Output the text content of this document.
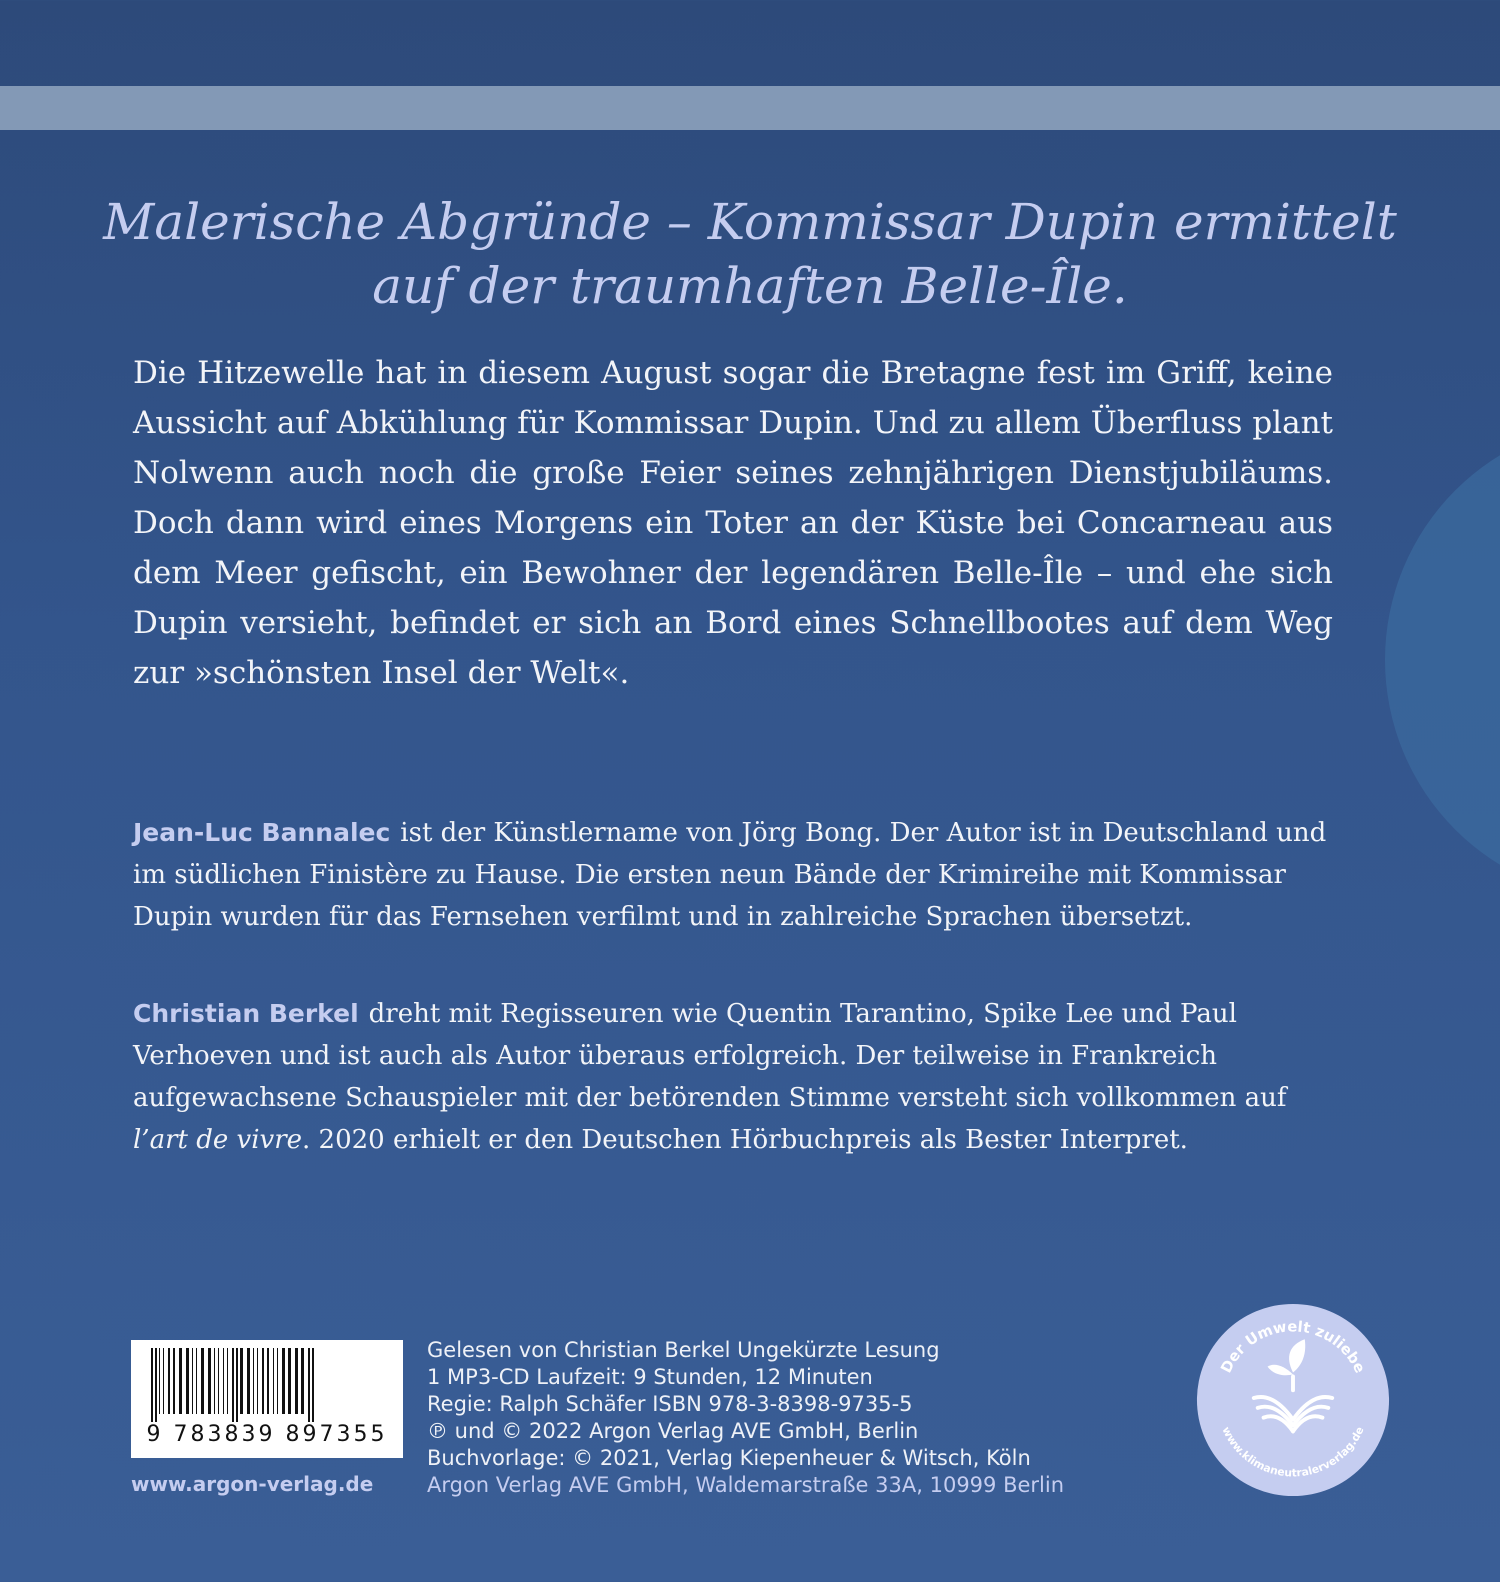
Malerische Abgründe – Kommissar Dupin ermittelt
auf der traumhaften Belle-Île.

Die Hitzewelle hat in diesem August sogar die Bretagne fest im Griff, keine Aussicht auf Abkühlung für Kommissar Dupin. Und zu allem Überfluss plant Nolwenn auch noch die große Feier seines zehnjährigen Dienstjubiläums. Doch dann wird eines Morgens ein Toter an der Küste bei Concarneau aus dem Meer gefischt, ein Bewohner der legendären Belle-Île – und ehe sich Dupin versieht, befindet er sich an Bord eines Schnellbootes auf dem Weg zur »schönsten Insel der Welt«.

Jean-Luc Bannalec ist der Künstlername von Jörg Bong. Der Autor ist in Deutschland und im südlichen Finistère zu Hause. Die ersten neun Bände der Krimireihe mit Kommissar Dupin wurden für das Fernsehen verfilmt und in zahlreiche Sprachen übersetzt.

Christian Berkel dreht mit Regisseuren wie Quentin Tarantino, Spike Lee und Paul Verhoeven und ist auch als Autor überaus erfolgreich. Der teilweise in Frankreich aufgewachsene Schauspieler mit der betörenden Stimme versteht sich vollkommen auf l’art de vivre. 2020 erhielt er den Deutschen Hörbuchpreis als Bester Interpret.

9 783839 897355
www.argon-verlag.de
Gelesen von Christian Berkel Ungekürzte Lesung
1 MP3-CD Laufzeit: 9 Stunden, 12 Minuten
Regie: Ralph Schäfer ISBN 978-3-8398-9735-5
℗ und © 2022 Argon Verlag AVE GmbH, Berlin
Buchvorlage: © 2021, Verlag Kiepenheuer & Witsch, Köln
Argon Verlag AVE GmbH, Waldemarstraße 33A, 10999 Berlin
Der Umwelt zuliebe
www.klimaneutralerverlag.de
